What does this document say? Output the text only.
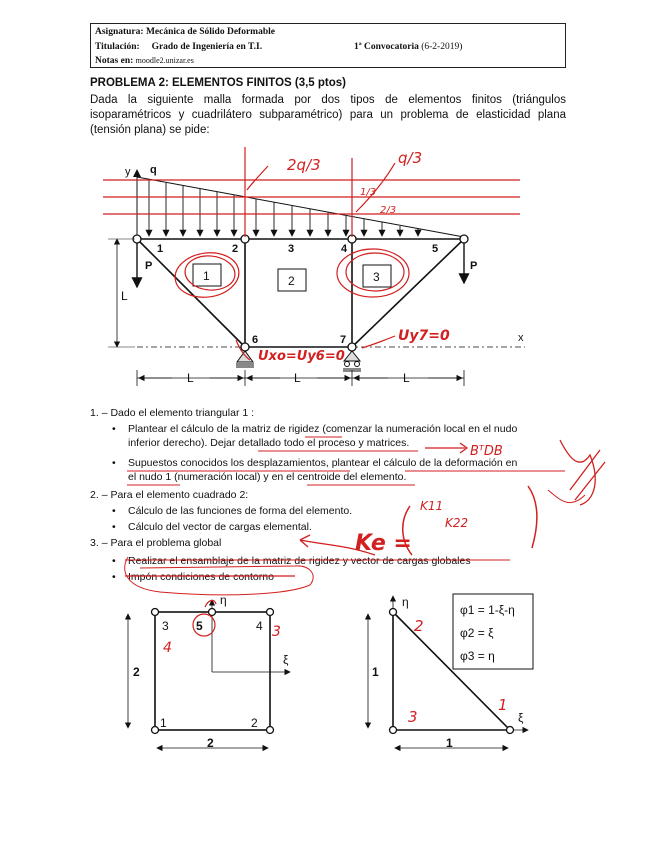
Asignatura: Mecánica de Sólido Deformable
Titulación: Grado de Ingeniería en T.I.	1ª Convocatoria (6-2-2019)
Notas en: moodle2.unizar.es
PROBLEMA 2: ELEMENTOS FINITOS (3,5 ptos)
Dada la siguiente malla formada por dos tipos de elementos finitos (triángulos isoparamétricos y cuadrilátero subparamétrico) para un problema de elasticidad plana (tensión plana) se pide:
1. – Dado el elemento triangular 1 :
• Plantear el cálculo de la matriz de rigidez (comenzar la numeración local en el nudo
inferior derecho). Dejar detallado todo el proceso y matrices.
• Supuestos conocidos los desplazamientos, plantear el cálculo de la deformación en
el nudo 1 (numeración local) y en el centroide del elemento.
2. – Para el elemento cuadrado 2:
• Cálculo de las funciones de forma del elemento.
• Cálculo del vector de cargas elemental.
3. – Para el problema global
• Realizar el ensamblaje de la matriz de rigidez y vector de cargas globales
• Impón condiciones de contorno
y q
x
P	P
L
L	L	L
1	2	3	4	5
6	7
1	2	3
2q/3	q/3
1/3
2/3
Uxo=Uy6=0
Uy7=0
BᵀDB
Ke =
K11
K22
1	2
3	4
5
η
ξ
2
2
3
4
η
ξ
1
1
φ1 = 1-ξ-η
φ2 = ξ
φ3 = η
2
1
3
